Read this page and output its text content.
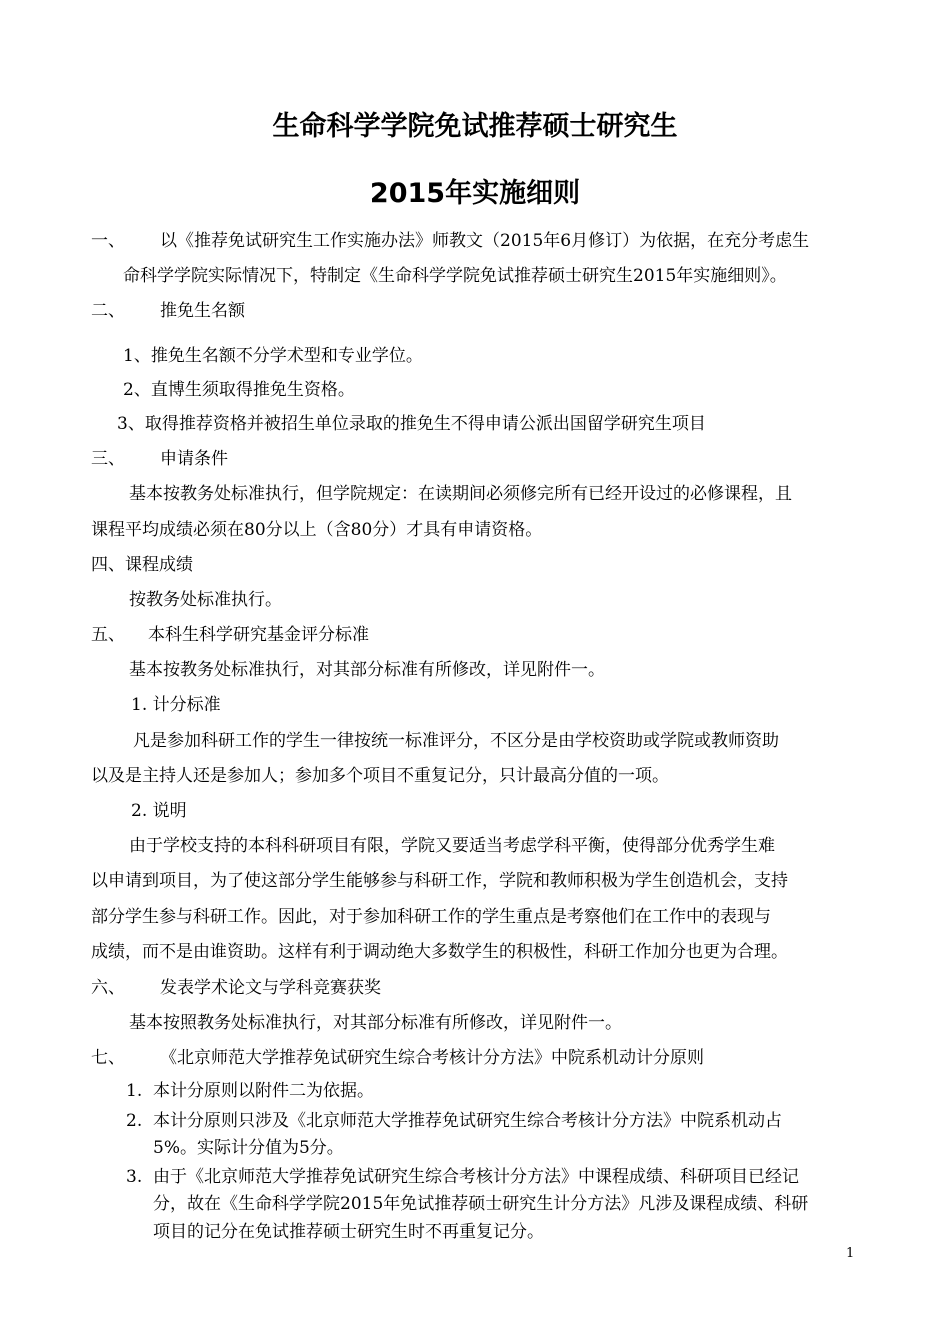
生命科学学院免试推荐硕士研究生
2015年实施细则
一、 以《推荐免试研究生工作实施办法》师教文（2015年6月修订）为依据，在充分考虑生
命科学学院实际情况下，特制定《生命科学学院免试推荐硕士研究生2015年实施细则》。
二、 推免生名额
1、推免生名额不分学术型和专业学位。
2、直博生须取得推免生资格。
3、取得推荐资格并被招生单位录取的推免生不得申请公派出国留学研究生项目
三、 申请条件
基本按教务处标准执行，但学院规定：在读期间必须修完所有已经开设过的必修课程，且
课程平均成绩必须在80分以上（含80分）才具有申请资格。
四、课程成绩
按教务处标准执行。
五、 本科生科学研究基金评分标准
基本按教务处标准执行，对其部分标准有所修改，详见附件一。
1. 计分标准
凡是参加科研工作的学生一律按统一标准评分，不区分是由学校资助或学院或教师资助
以及是主持人还是参加人；参加多个项目不重复记分，只计最高分值的一项。
2. 说明
由于学校支持的本科科研项目有限，学院又要适当考虑学科平衡，使得部分优秀学生难
以申请到项目，为了使这部分学生能够参与科研工作，学院和教师积极为学生创造机会，支持
部分学生参与科研工作。因此，对于参加科研工作的学生重点是考察他们在工作中的表现与
成绩，而不是由谁资助。这样有利于调动绝大多数学生的积极性，科研工作加分也更为合理。
六、 发表学术论文与学科竞赛获奖
基本按照教务处标准执行，对其部分标准有所修改，详见附件一。
七、 《北京师范大学推荐免试研究生综合考核计分方法》中院系机动计分原则
1. 本计分原则以附件二为依据。
2. 本计分原则只涉及《北京师范大学推荐免试研究生综合考核计分方法》中院系机动占
5%。实际计分值为5分。
3. 由于《北京师范大学推荐免试研究生综合考核计分方法》中课程成绩、科研项目已经记
分，故在《生命科学学院2015年免试推荐硕士研究生计分方法》凡涉及课程成绩、科研
项目的记分在免试推荐硕士研究生时不再重复记分。
1
